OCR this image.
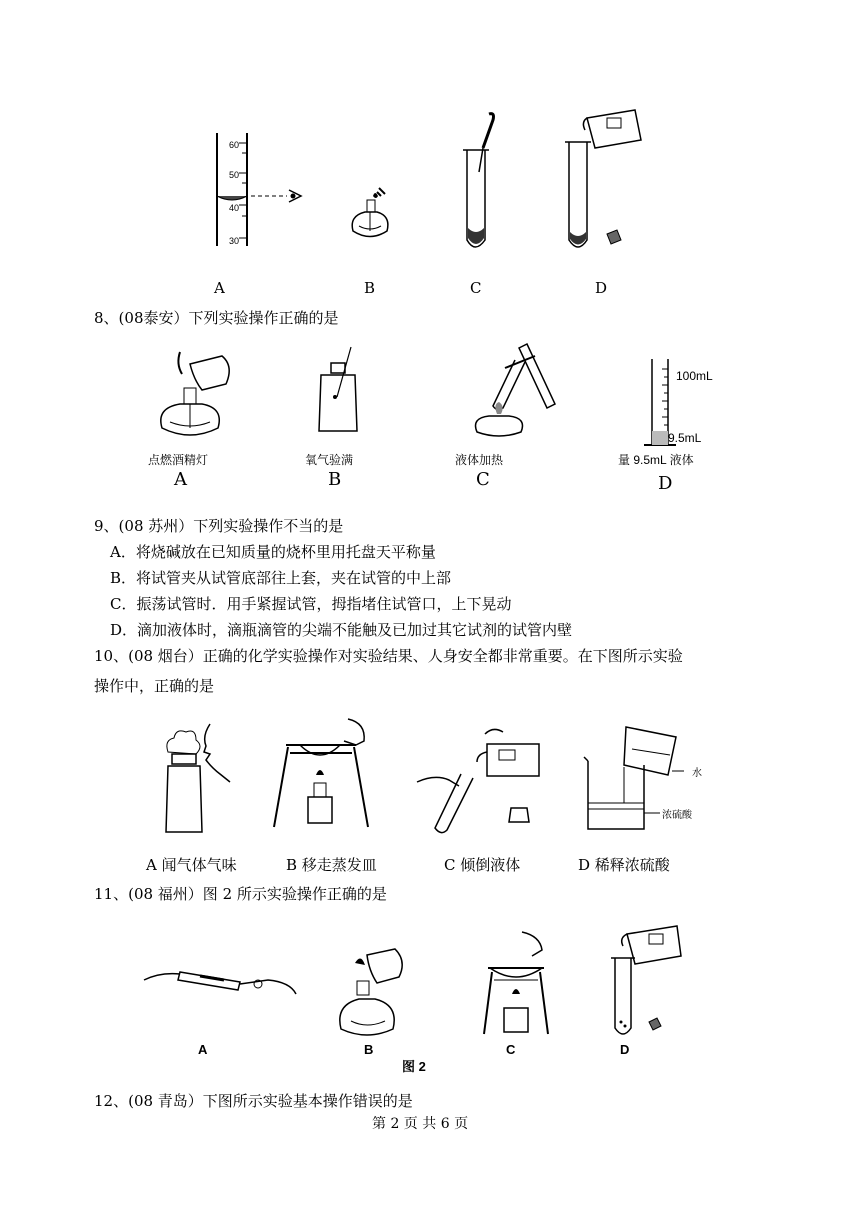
60
50
40
30
A	B	C	D
8、(08泰安）下列实验操作正确的是
100mL
9.5mL
点燃酒精灯	氧气验满	液体加热	量 9.5mL 液体
A	B	C	D
9、(08 苏州）下列实验操作不当的是
A．将烧碱放在已知质量的烧杯里用托盘天平称量
B．将试管夹从试管底部往上套，夹在试管的中上部
C．振荡试管时．用手紧握试管，拇指堵住试管口，上下晃动
D．滴加液体时，滴瓶滴管的尖端不能触及已加过其它试剂的试管内壁
10、(08 烟台）正确的化学实验操作对实验结果、人身安全都非常重要。在下图所示实验
操作中，正确的是
水
浓硫酸
A 闻气体气味	B 移走蒸发皿	C 倾倒液体	D 稀释浓硫酸
11、(08 福州）图 2 所示实验操作正确的是
A	B
图 2
C	D
12、(08 青岛）下图所示实验基本操作错误的是
第 2 页 共 6 页
